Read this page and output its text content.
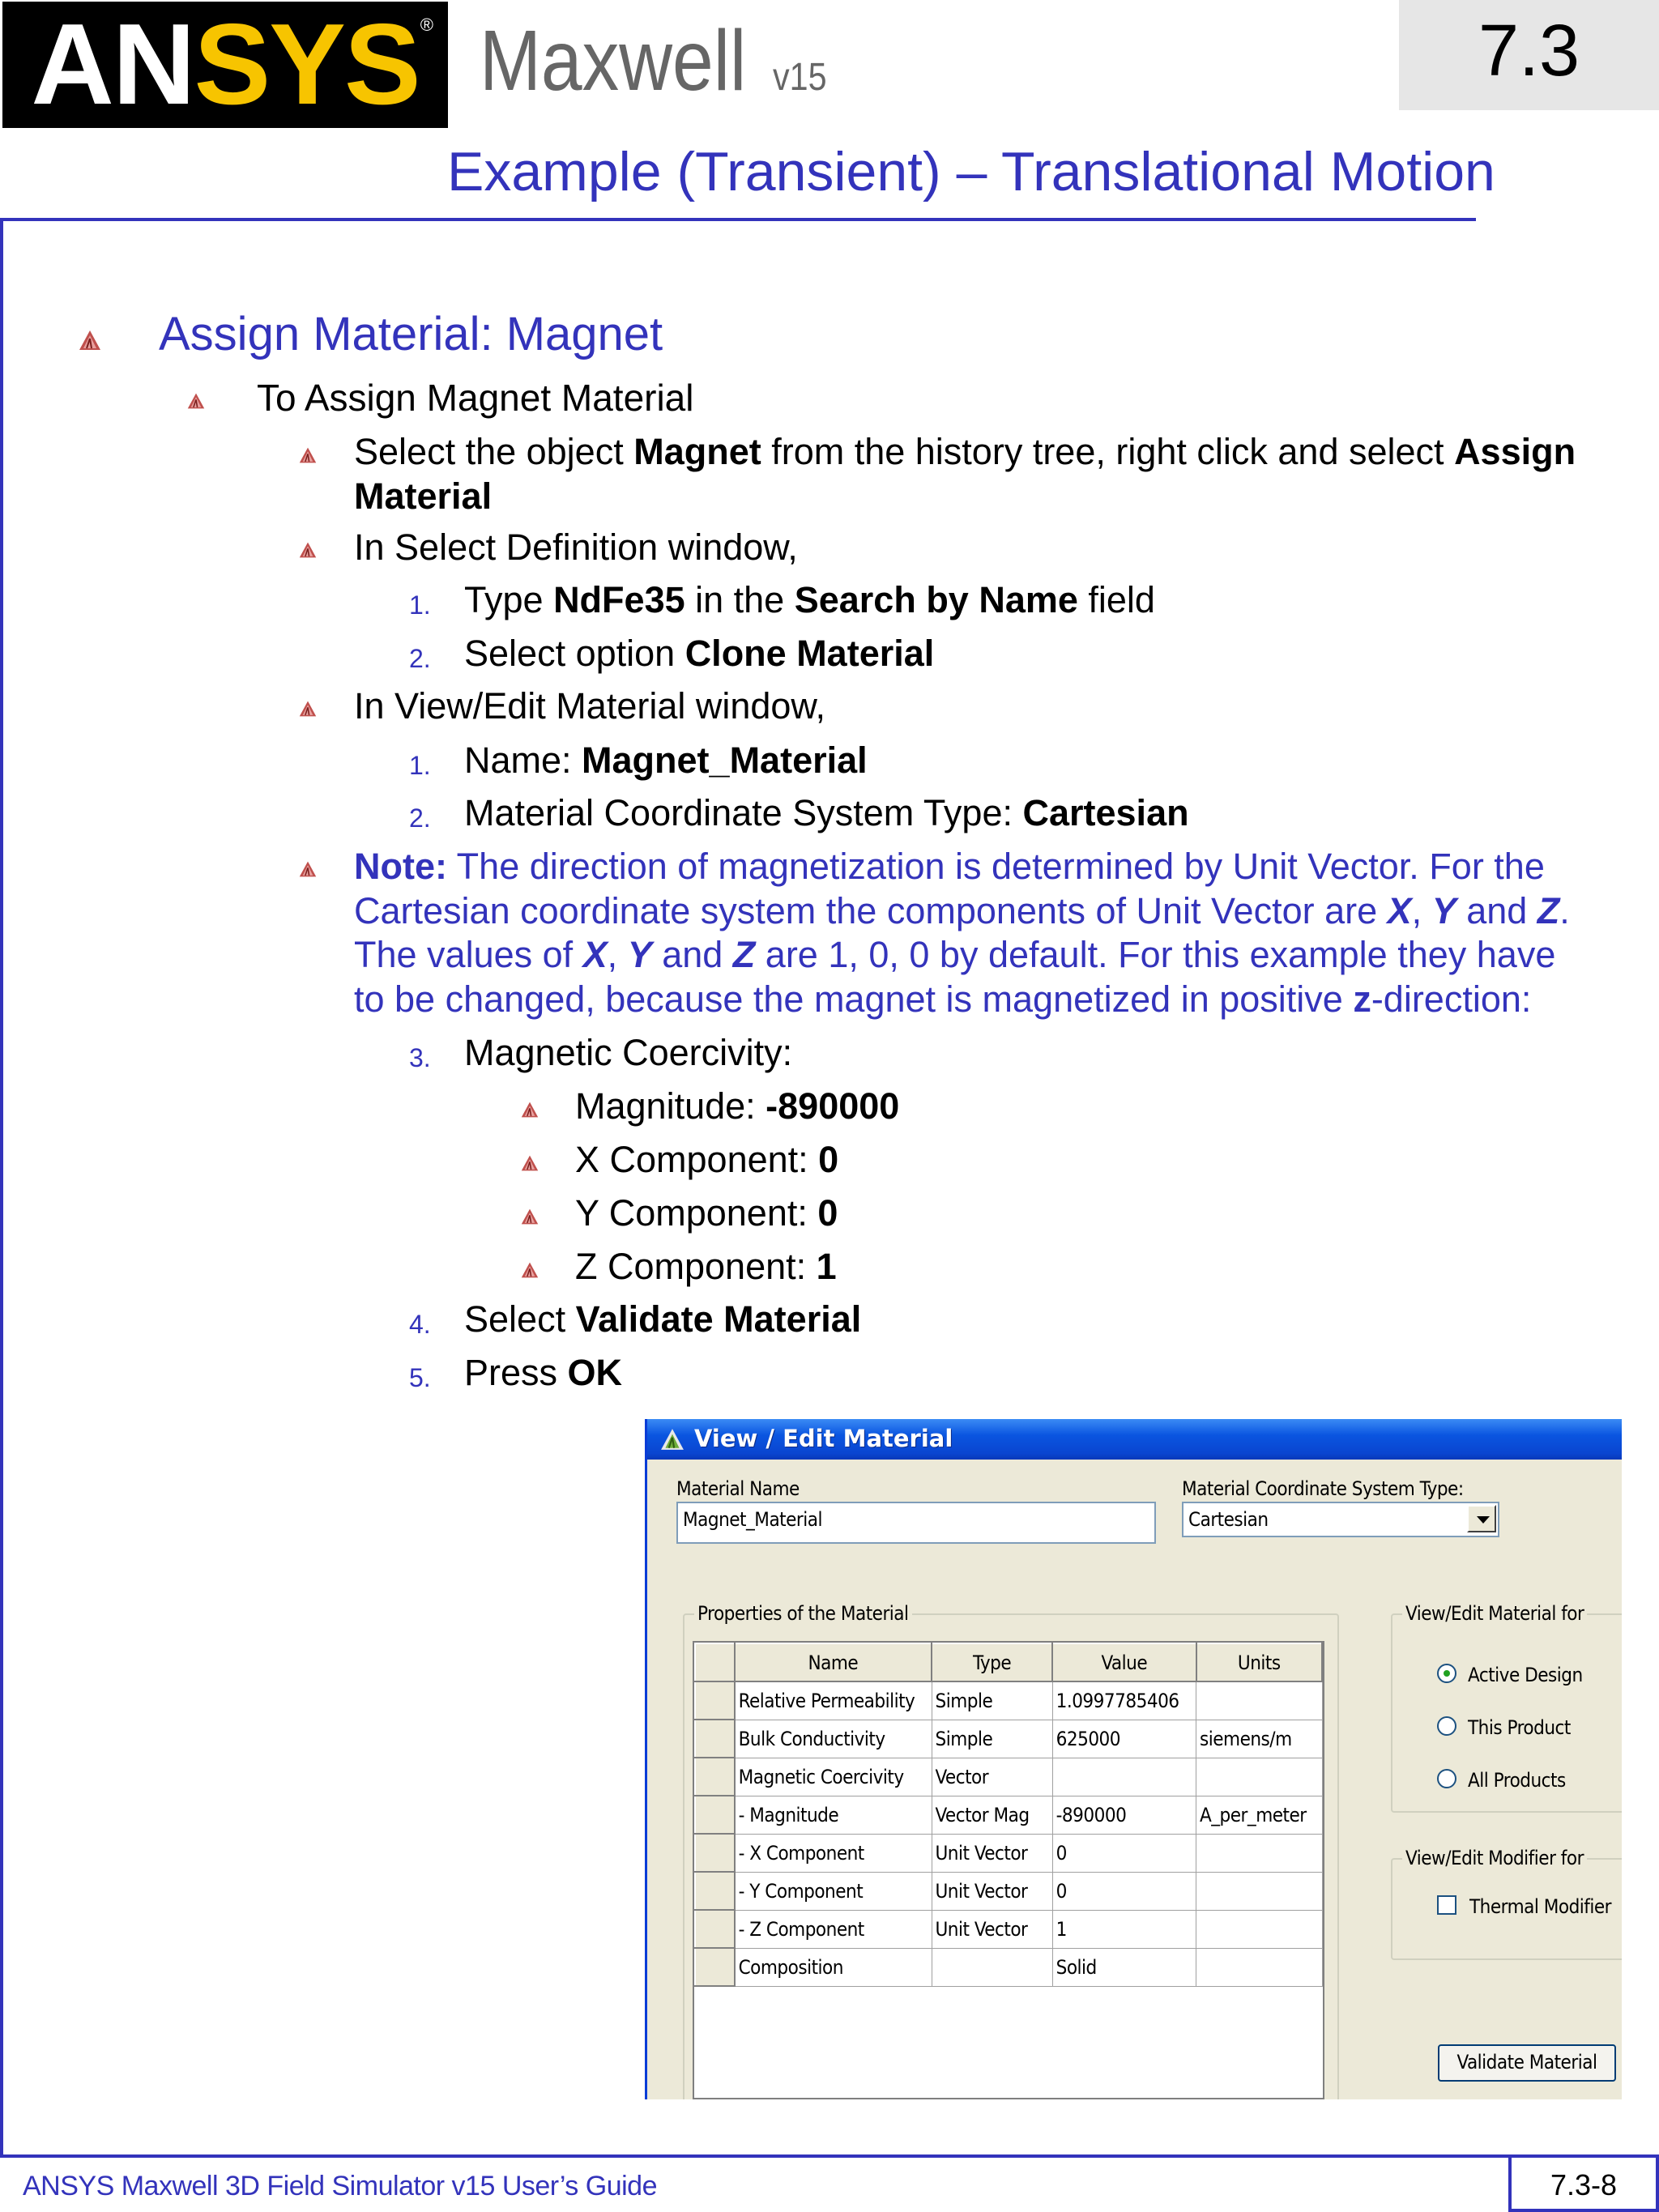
AN SYS ® Maxwell v15	7.3
Example (Transient) – Translational Motion
Assign Material: Magnet
To Assign Magnet Material
Select the object Magnet from the history tree, right click and select Assign
Material
In Select Definition window,
1. Type NdFe35 in the Search by Name field
2. Select option Clone Material
In View/Edit Material window,
1. Name: Magnet_Material
2. Material Coordinate System Type: Cartesian
Note: The direction of magnetization is determined by Unit Vector. For the
Cartesian coordinate system the components of Unit Vector are X, Y and Z.
The values of X, Y and Z are 1, 0, 0 by default. For this example they have
to be changed, because the magnet is magnetized in positive z-direction:
3. Magnetic Coercivity:
Magnitude: -890000
X Component: 0
Y Component: 0
Z Component: 1
4. Select Validate Material
5. Press OK
View / Edit Material
Material Name
Magnet_Material
Material Coordinate System Type:
Cartesian
Properties of the Material
	Name	Type	Value	Units
	Relative Permeability	Simple	1.0997785406	
	Bulk Conductivity	Simple	625000	siemens/m
	Magnetic Coercivity	Vector		
	- Magnitude	Vector Mag	-890000	A_per_meter
	- X Component	Unit Vector	0	
	- Y Component	Unit Vector	0	
	- Z Component	Unit Vector	1	
	Composition		Solid	
View/Edit Material for
Active Design
This Product
All Products
View/Edit Modifier for
Thermal Modifier
Validate Material
ANSYS Maxwell 3D Field Simulator v15 User’s Guide	7.3-8
